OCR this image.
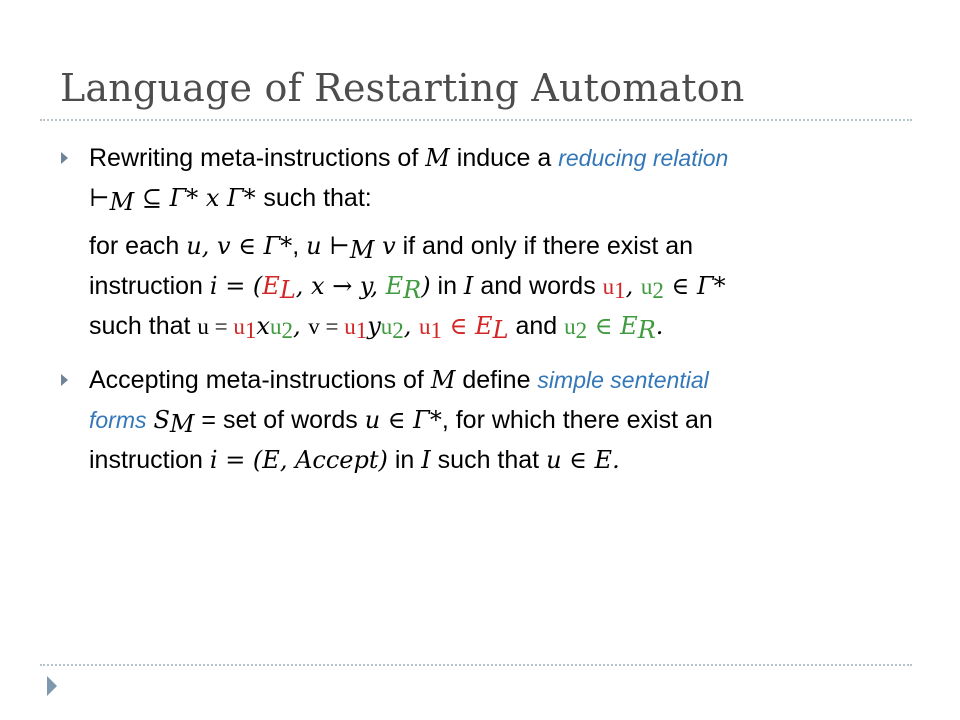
Language of Restarting Automaton

Rewriting meta-instructions of M induce a reducing relation

$⊢_M$ ⊆ Γ* x Γ* such that:

for each u, v ∈ Γ*, u $⊢_M$ v if and only if there exist an

instruction $i = (E_L$, x → y, $E_R$) in I and words $u_1$, $u_2$ ∈ Γ*

such that $u = u_1xu_2$, $v = u_1yu_2$, $u_1$ ∈ $E_L$ and $u_2$ ∈ $E_R$.

Accepting meta-instructions of M define simple sentential

forms $S_M$ = set of words u ∈ Γ*, for which there exist an

instruction i = (E, Accept) in I such that u ∈ E.
